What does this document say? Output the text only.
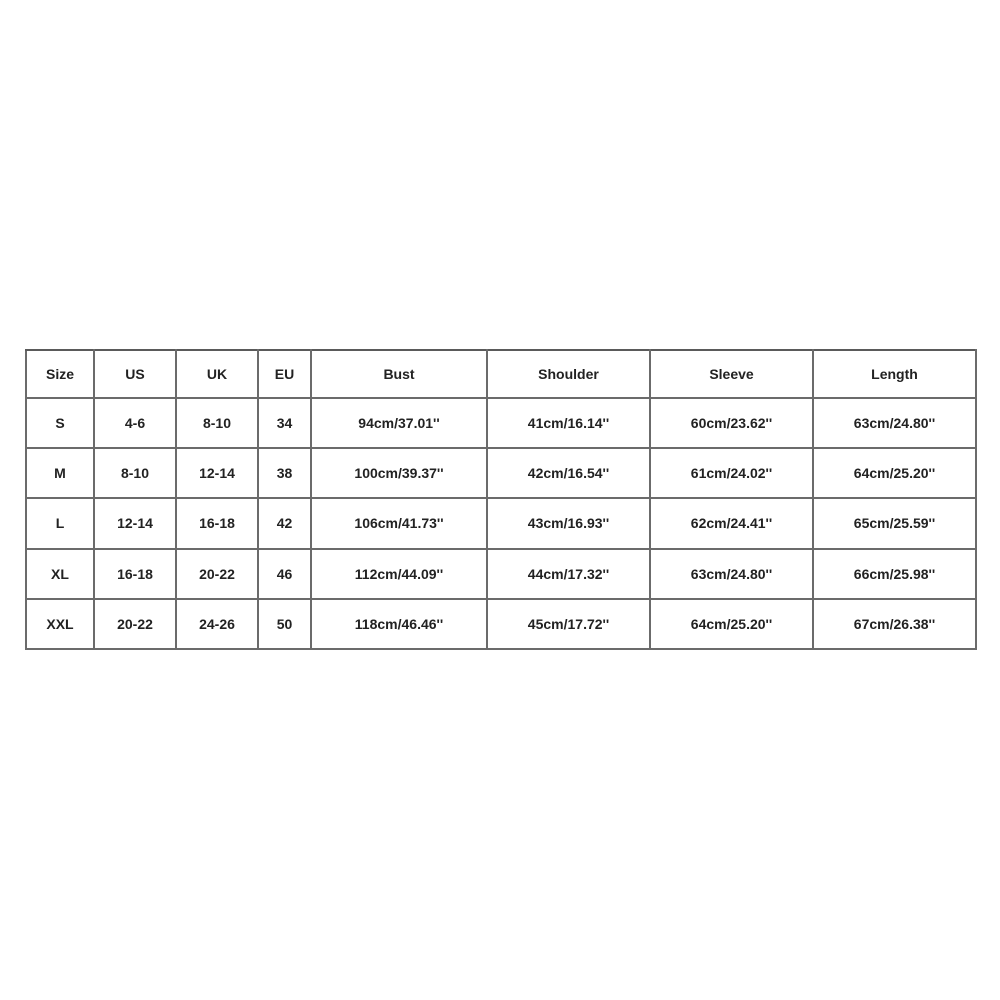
Size	US	UK	EU	Bust	Shoulder	Sleeve	Length
S	4-6	8-10	34	94cm/37.01''	41cm/16.14''	60cm/23.62''	63cm/24.80''
M	8-10	12-14	38	100cm/39.37''	42cm/16.54''	61cm/24.02''	64cm/25.20''
L	12-14	16-18	42	106cm/41.73''	43cm/16.93''	62cm/24.41''	65cm/25.59''
XL	16-18	20-22	46	112cm/44.09''	44cm/17.32''	63cm/24.80''	66cm/25.98''
XXL	20-22	24-26	50	118cm/46.46''	45cm/17.72''	64cm/25.20''	67cm/26.38''
